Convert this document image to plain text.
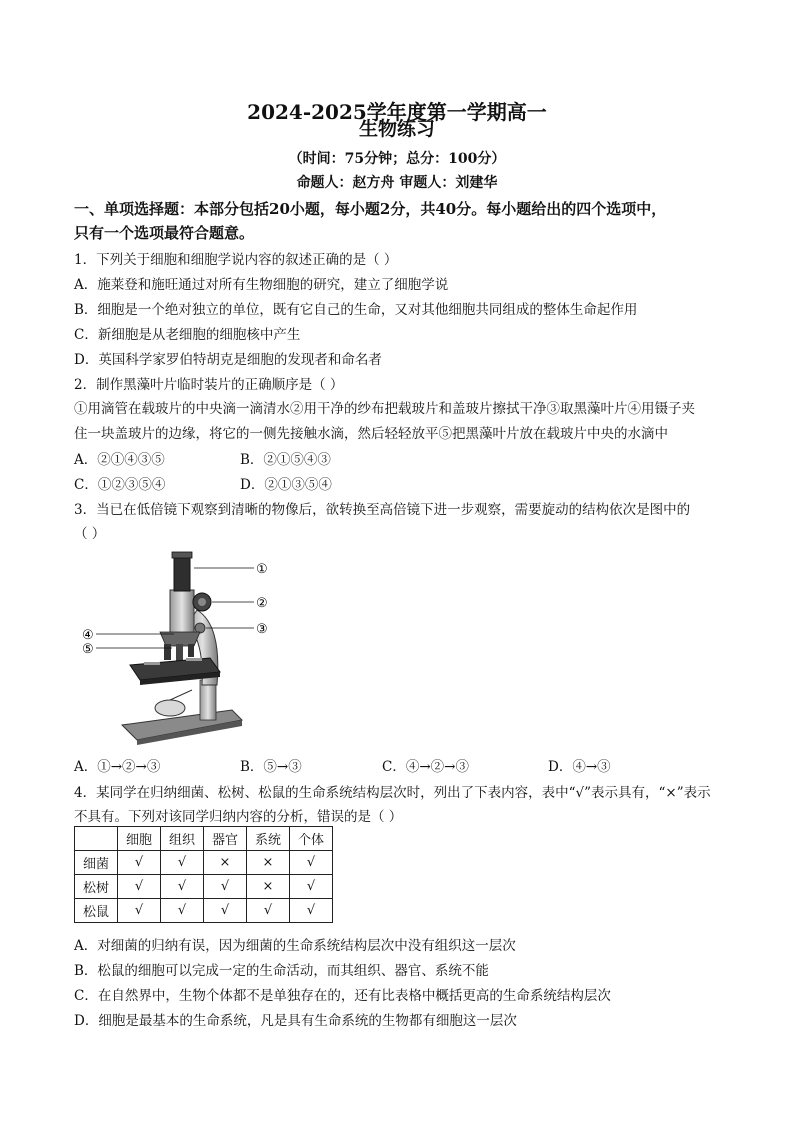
2024-2025学年度第一学期高一
生物练习
（时间：75分钟；总分：100分）
命题人：赵方舟 审题人：刘建华
一、单项选择题：本部分包括20小题，每小题2分，共40分。每小题给出的四个选项中，
只有一个选项最符合题意。
1．下列关于细胞和细胞学说内容的叙述正确的是（ ）
A．施莱登和施旺通过对所有生物细胞的研究，建立了细胞学说
B．细胞是一个绝对独立的单位，既有它自己的生命，又对其他细胞共同组成的整体生命起作用
C．新细胞是从老细胞的细胞核中产生
D．英国科学家罗伯特胡克是细胞的发现者和命名者
2．制作黑藻叶片临时装片的正确顺序是（ ）
①用滴管在载玻片的中央滴一滴清水②用干净的纱布把载玻片和盖玻片擦拭干净③取黑藻叶片④用镊子夹
住一块盖玻片的边缘，将它的一侧先接触水滴，然后轻轻放平⑤把黑藻叶片放在载玻片中央的水滴中
A．②①④③⑤	B．②①⑤④③
C．①②③⑤④	D．②①③⑤④
3．当已在低倍镜下观察到清晰的物像后，欲转换至高倍镜下进一步观察，需要旋动的结构依次是图中的
（ ）
①
②
③
④
⑤
A．①→②→③	B．⑤→③	C．④→②→③	D．④→③
4．某同学在归纳细菌、松树、松鼠的生命系统结构层次时，列出了下表内容，表中“√”表示具有，“×”表示
不具有。下列对该同学归纳内容的分析，错误的是（ ）
	细胞	组织	器官	系统	个体
细菌	√	√	×	×	√
松树	√	√	√	×	√
松鼠	√	√	√	√	√
A．对细菌的归纳有误，因为细菌的生命系统结构层次中没有组织这一层次
B．松鼠的细胞可以完成一定的生命活动，而其组织、器官、系统不能
C．在自然界中，生物个体都不是单独存在的，还有比表格中概括更高的生命系统结构层次
D．细胞是最基本的生命系统，凡是具有生命系统的生物都有细胞这一层次
